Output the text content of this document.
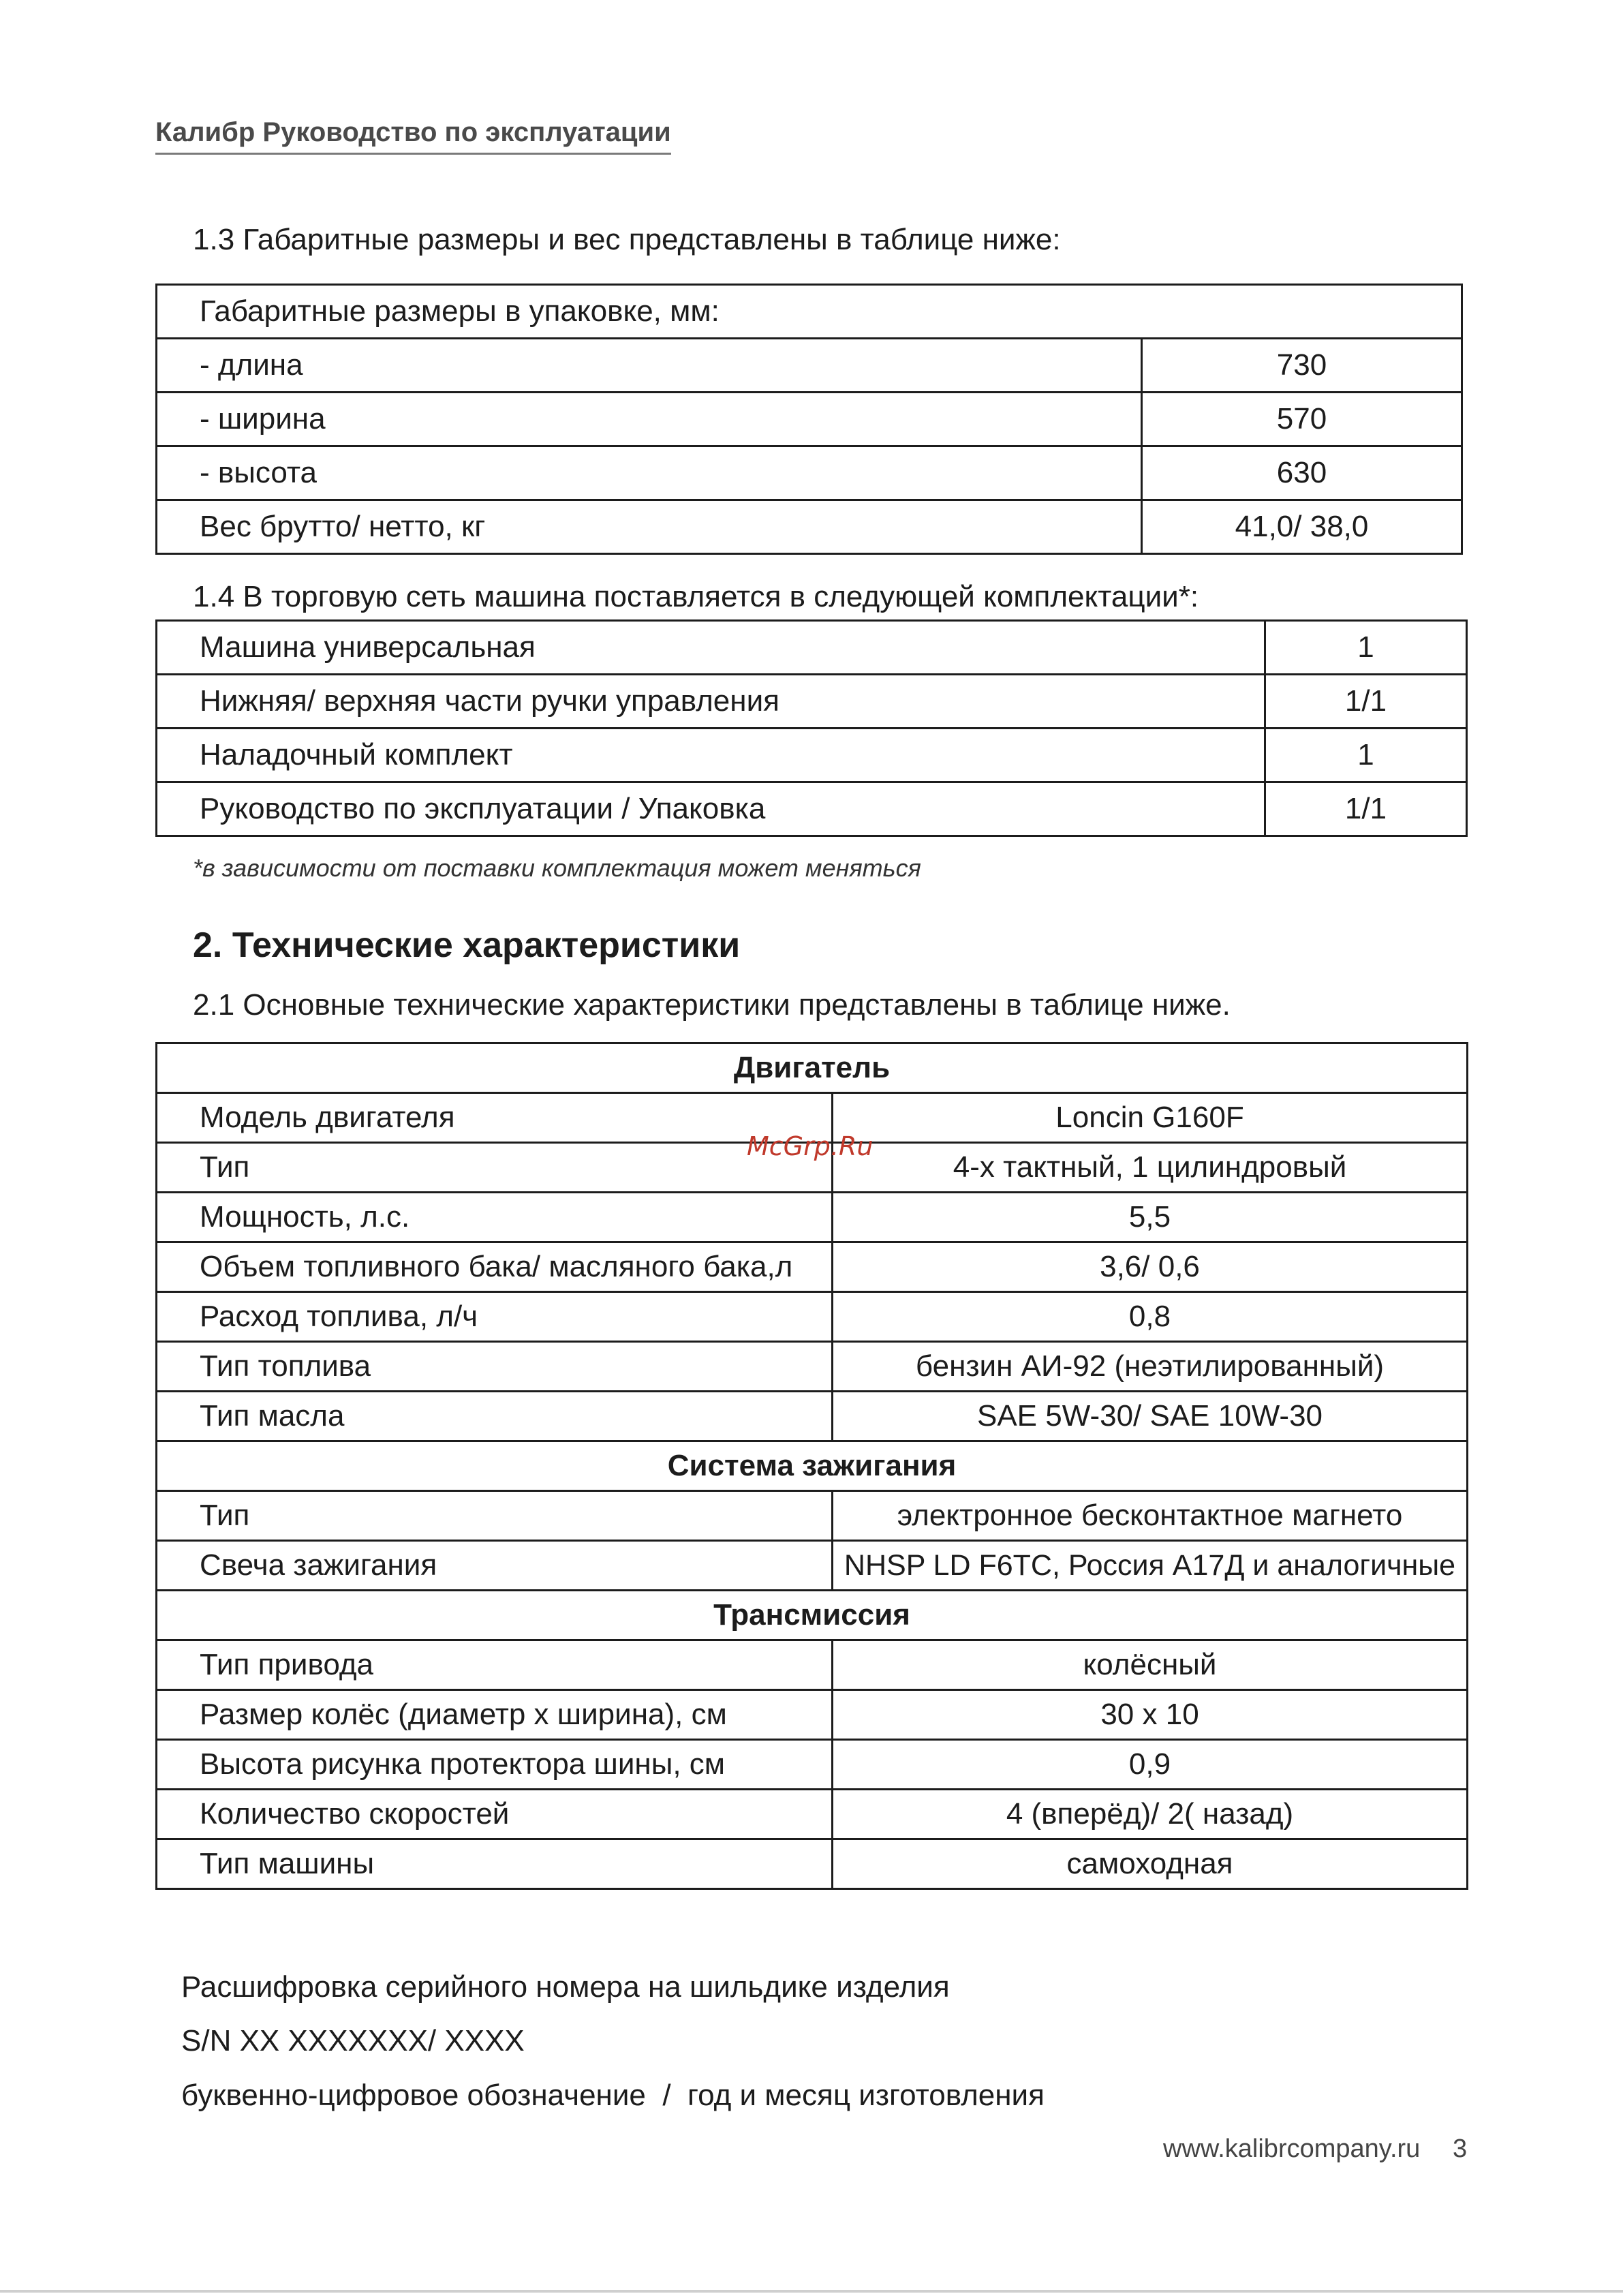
Калибр Руководство по эксплуатации
1.3 Габаритные размеры и вес представлены в таблице ниже:
Габаритные размеры в упаковке, мм:	
- длина	730
- ширина	570
- высота	630
Вес брутто/ нетто, кг	41,0/ 38,0
1.4 В торговую сеть машина поставляется в следующей комплектации*:
Машина универсальная	1
Нижняя/ верхняя части ручки управления	1/1
Наладочный комплект	1
Руководство по эксплуатации / Упаковка	1/1
*в зависимости от поставки комплектация может меняться
2. Технические характеристики
2.1 Основные технические характеристики представлены в таблице ниже.
Двигатель	
Модель двигателя	Loncin G160F
Тип	4-х тактный, 1 цилиндровый
Мощность, л.с.	5,5
Объем топливного бака/ масляного бака,л	3,6/ 0,6
Расход топлива, л/ч	0,8
Тип топлива	бензин АИ-92 (неэтилированный)
Тип масла	SAE 5W-30/ SAE 10W-30
Система зажигания	
Тип	электронное бесконтактное магнето
Свеча зажигания	NHSP LD F6TC, Россия А17Д и аналогичные
Трансмиссия	
Тип привода	колёсный
Размер колёс (диаметр х ширина), см	30 х 10
Высота рисунка протектора шины, см	0,9
Количество скоростей	4 (вперёд)/ 2( назад)
Тип машины	самоходная
McGrp.Ru
Расшифровка серийного номера на шильдике изделия
S/N XX XXXXXXX/ XXXX
буквенно-цифровое обозначение  /  год и месяц изготовления
www.kalibrcompany.ru 3
